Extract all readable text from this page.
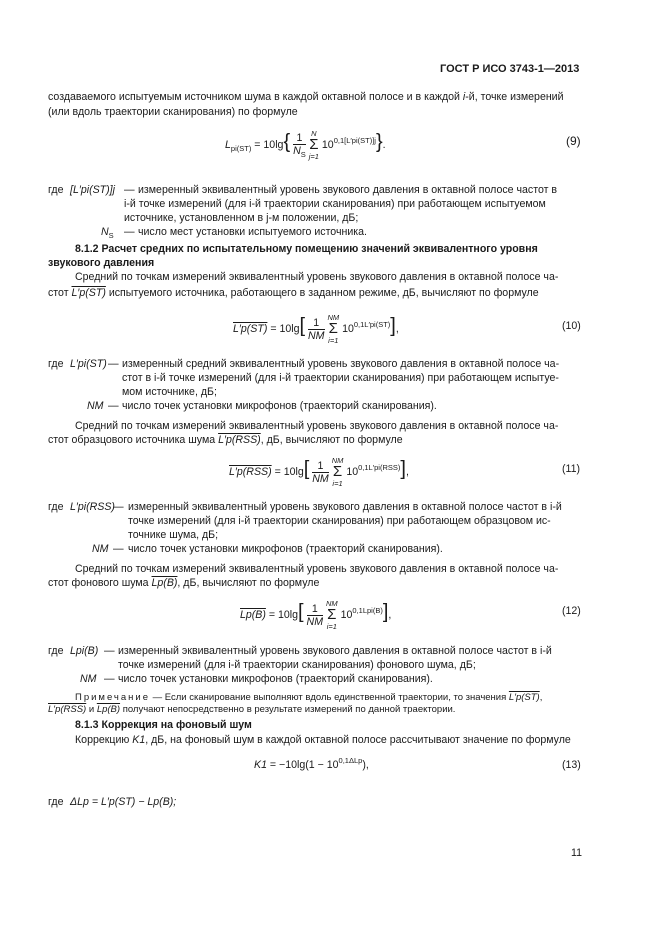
ГОСТ Р ИСО 3743-1—2013
создаваемого испытуемым источником шума в каждой октавной полосе и в каждой i-й, точке измерений
(или вдоль траектории сканирования) по формуле
$L_{pi(ST)} = 10\lg\{ \frac{1}{N_S}$ N
Σ
j=1 $10^{0,1[L'pi(ST)]j}$}.	(9)
где [L′pi(ST)]j — измеренный эквивалентный уровень звукового давления в октавной полосе частот в
i-й точке измерений (для i-й траектории сканирования) при работающем испытуемом
источнике, установленном в j-м положении, дБ;
$N_S$ — число мест установки испытуемого источника.
8.1.2 Расчет средних по испытательному помещению значений эквивалентного уровня
звукового давления
Средний по точкам измерений эквивалентный уровень звукового давления в октавной полосе ча-
стот L′p(ST) испытуемого источника, работающего в заданном режиме, дБ, вычисляют по формуле
$L'p(ST) = 10\lg[ \frac{1}{NM}$ NM
Σ
i=1 $10^{0,1L'pi(ST)}$],	(10)
где L′pi(ST) — измеренный средний эквивалентный уровень звукового давления в октавной полосе ча-
стот в i-й точке измерений (для i-й траектории сканирования) при работающем испытуе-
мом источнике, дБ;
NM — число точек установки микрофонов (траекторий сканирования).
Средний по точкам измерений эквивалентный уровень звукового давления в октавной полосе ча-
стот образцового источника шума L′p(RSS), дБ, вычисляют по формуле
$L'p(RSS) = 10\lg[ \frac{1}{NM}$ NM
Σ
i=1 $10^{0,1L'pi(RSS)}$],	(11)
где L′pi(RSS)
— измеренный эквивалентный уровень звукового давления в октавной полосе частот в i-й
точке измерений (для i-й траектории сканирования) при работающем образцовом ис-
точнике шума, дБ;
NM — число точек установки микрофонов (траекторий сканирования).
Средний по точкам измерений эквивалентный уровень звукового давления в октавной полосе ча-
стот фонового шума Lp(B), дБ, вычисляют по формуле
$Lp(B) = 10\lg[ \frac{1}{NM}$ NM
Σ
i=1 $10^{0,1Lpi(B)}$],	(12)
где Lpi(B) — измеренный эквивалентный уровень звукового давления в октавной полосе частот в i-й
точке измерений (для i-й траектории сканирования) фонового шума, дБ;
NM — число точек установки микрофонов (траекторий сканирования).
Примечание — Если сканирование выполняют вдоль единственной траектории, то значения L′p(ST),
L′p(RSS) и Lp(B) получают непосредственно в результате измерений по данной траектории.
8.1.3 Коррекция на фоновый шум
Коррекцию K1, дБ, на фоновый шум в каждой октавной полосе рассчитывают значение по формуле
$K1 = -10\lg(1 - 10^{0,1\Delta Lp})$,	(13)
где ΔLp = L′p(ST) − Lp(B);
11
